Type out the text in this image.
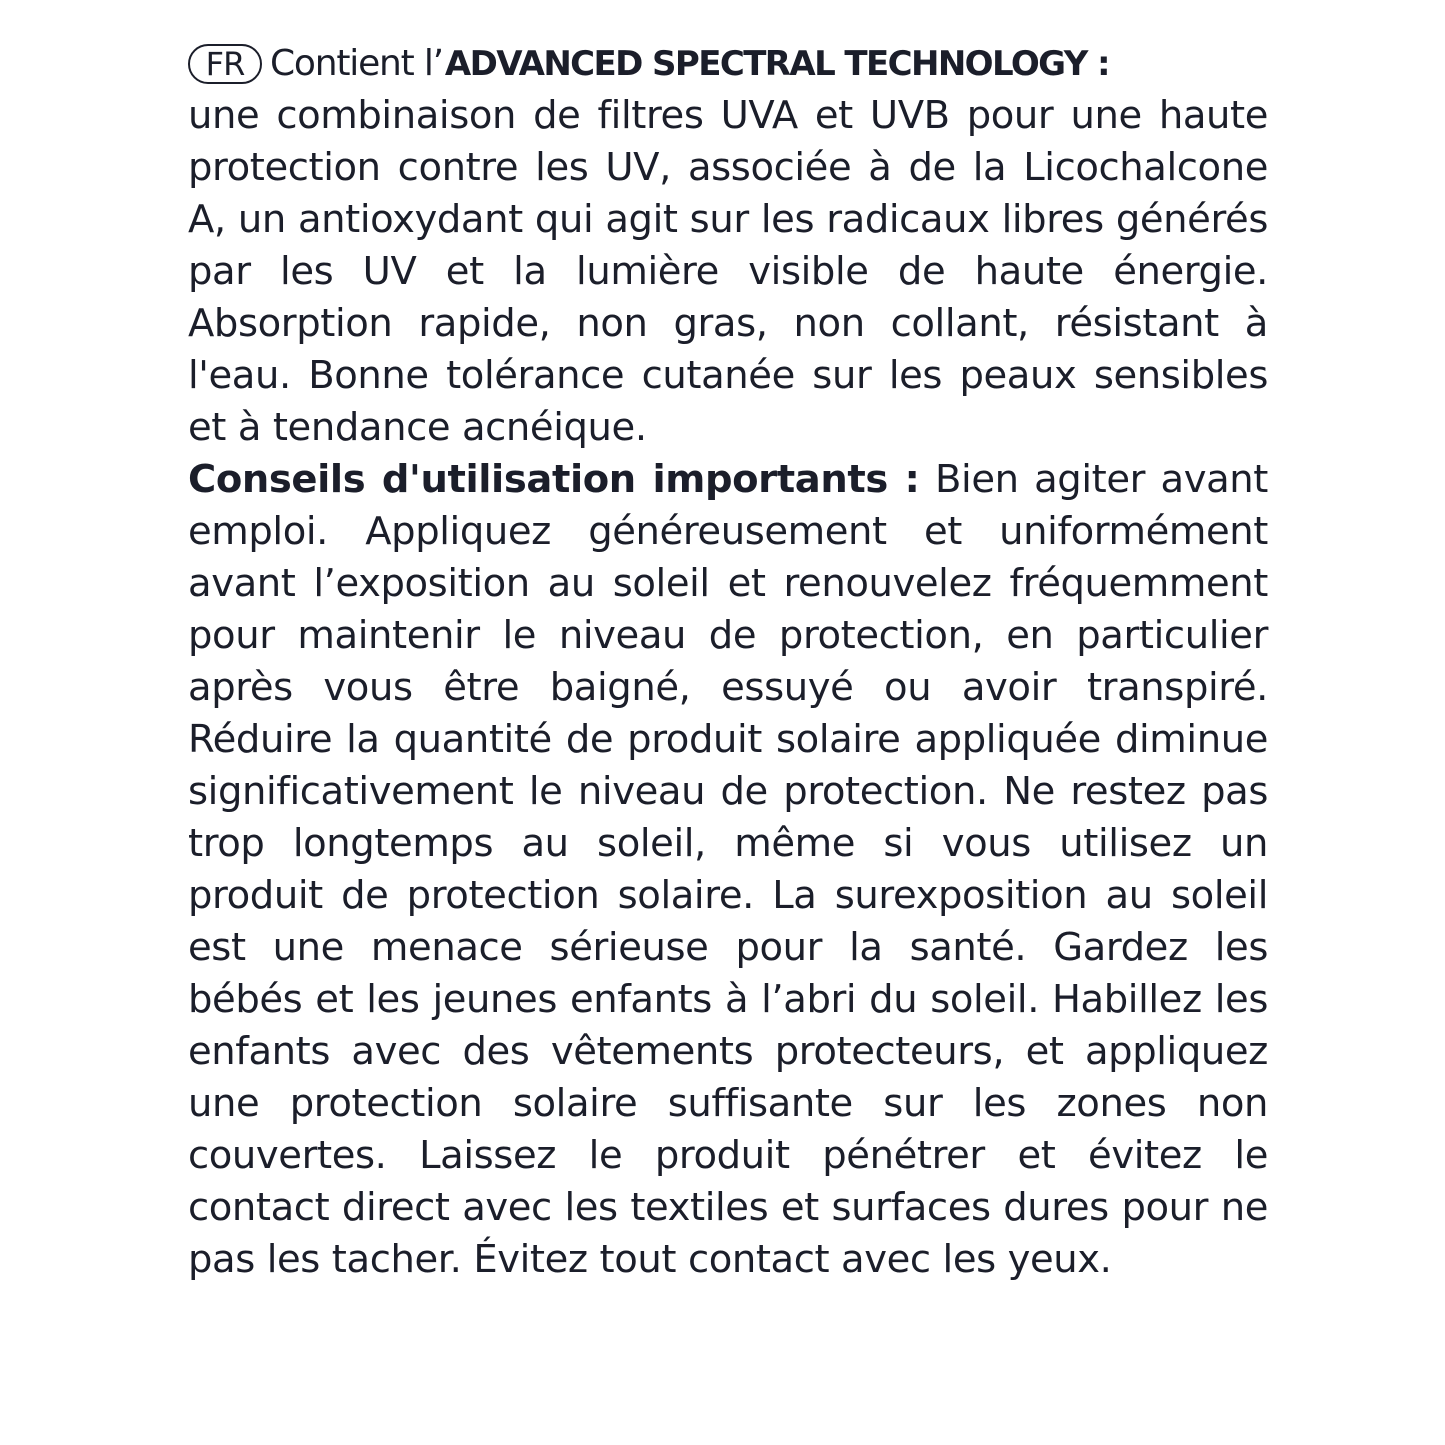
FR Contient l’ ADVANCED SPECTRAL TECHNOLOGY :

une combinaison de filtres UVA et UVB pour une haute protection contre les UV, associée à de la Licochalcone A, un antioxydant qui agit sur les radicaux libres générés par les UV et la lumière visible de haute énergie. Absorption rapide, non gras, non collant, résistant à l'eau. Bonne tolérance cutanée sur les peaux sensibles et à tendance acnéique.

Conseils d'utilisation importants : Bien agiter avant emploi. Appliquez généreusement et uniformément avant l’exposition au soleil et renouvelez fréquemment pour maintenir le niveau de protection, en particulier après vous être baigné, essuyé ou avoir transpiré. Réduire la quantité de produit solaire appliquée diminue significativement le niveau de protection. Ne restez pas trop longtemps au soleil, même si vous utilisez un produit de protection solaire. La surexposition au soleil est une menace sérieuse pour la santé. Gardez les bébés et les jeunes enfants à l’abri du soleil. Habillez les enfants avec des vêtements protecteurs, et appliquez une protection solaire suffisante sur les zones non couvertes. Laissez le produit pénétrer et évitez le contact direct avec les textiles et surfaces dures pour ne pas les tacher. Évitez tout contact avec les yeux.
